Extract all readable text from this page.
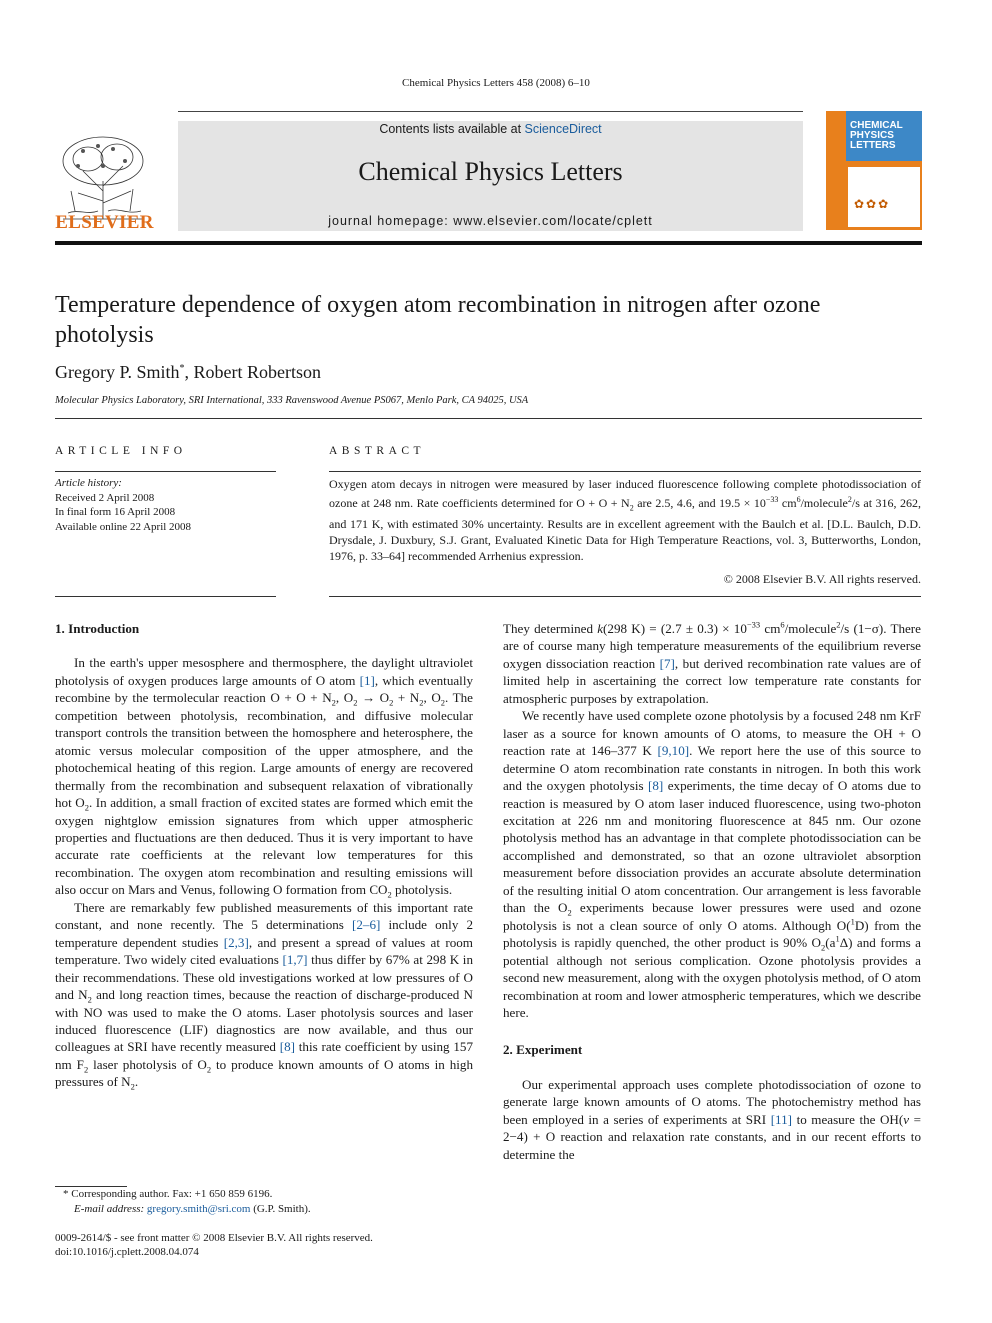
Chemical Physics Letters 458 (2008) 6–10
ELSEVIER
Contents lists available at ScienceDirect
Chemical Physics Letters
journal homepage: www.elsevier.com/locate/cplett
CHEMICAL
PHYSICS
LETTERS
✿✿✿
Temperature dependence of oxygen atom recombination in nitrogen after ozone photolysis
Gregory P. Smith*, Robert Robertson
Molecular Physics Laboratory, SRI International, 333 Ravenswood Avenue PS067, Menlo Park, CA 94025, USA
ARTICLE INFO	ABSTRACT
Article history:
Received 2 April 2008
In final form 16 April 2008
Available online 22 April 2008
Oxygen atom decays in nitrogen were measured by laser induced fluorescence following complete photodissociation of ozone at 248 nm. Rate coefficients determined for $O + O + N_2$ are 2.5, 4.6, and $19.5 \times 10^{-33}$ $cm^6/molecule^2/s$ at 316, 262, and 171 K, with estimated 30% uncertainty. Results are in excellent agreement with the Baulch et al. [D.L. Baulch, D.D. Drysdale, J. Duxbury, S.J. Grant, Evaluated Kinetic Data for High Temperature Reactions, vol. 3, Butterworths, London, 1976, p. 33–64] recommended Arrhenius expression.
© 2008 Elsevier B.V. All rights reserved.
1. Introduction

In the earth's upper mesosphere and thermosphere, the daylight ultraviolet photolysis of oxygen produces large amounts of O atom [1], which eventually recombine by the termolecular reaction $O + O + N_2$, $O_2 \to O_2 + N_2$, $O_2$. The competition between photolysis, recombination, and diffusive molecular transport controls the transition between the homosphere and heterosphere, the atomic versus molecular composition of the upper atmosphere, and the photochemical heating of this region. Large amounts of energy are recovered thermally from the recombination and subsequent relaxation of vibrationally hot $O_2$. In addition, a small fraction of excited states are formed which emit the oxygen nightglow emission signatures from which upper atmospheric properties and fluctuations are then deduced. Thus it is very important to have accurate rate coefficients at the relevant low temperatures for this recombination. The oxygen atom recombination and resulting emissions will also occur on Mars and Venus, following O formation from $CO_2$ photolysis.

There are remarkably few published measurements of this important rate constant, and none recently. The 5 determinations [2–6] include only 2 temperature dependent studies [2,3], and present a spread of values at room temperature. Two widely cited evaluations [1,7] thus differ by 67% at 298 K in their recommendations. These old investigations worked at low pressures of O and $N_2$ and long reaction times, because the reaction of discharge-produced N with NO was used to make the O atoms. Laser photolysis sources and laser induced fluorescence (LIF) diagnostics are now available, and thus our colleagues at SRI have recently measured [8] this rate coefficient by using 157 nm $F_2$ laser photolysis of $O_2$ to produce known amounts of O atoms in high pressures of $N_2$.

They determined k(298 $K) = (2.7 \pm 0.3) \times 10^{-33}$ $cm^6/molecule^2/s$ (1−σ). There are of course many high temperature measurements of the equilibrium reverse oxygen dissociation reaction [7], but derived recombination rate values are of limited help in ascertaining the correct low temperature rate constants for atmospheric purposes by extrapolation.

We recently have used complete ozone photolysis by a focused 248 nm KrF laser as a source for known amounts of O atoms, to measure the OH + O reaction rate at 146–377 K [9,10]. We report here the use of this source to determine O atom recombination rate constants in nitrogen. In both this work and the oxygen photolysis [8] experiments, the time decay of O atoms due to reaction is measured by O atom laser induced fluorescence, using two-photon excitation at 226 nm and monitoring fluorescence at 845 nm. Our ozone photolysis method has an advantage in that complete photodissociation can be accomplished and demonstrated, so that an ozone ultraviolet absorption measurement before dissociation provides an accurate absolute determination of the resulting initial O atom concentration. Our arrangement is less favorable than the $O_2$ experiments because lower pressures were used and ozone photolysis is not a clean source of only O atoms. Although O($^1$D) from the photolysis is rapidly quenched, the other product is 90% $O_2(a^1\Delta)$ and forms a potential although not serious complication. Ozone photolysis provides a second new measurement, along with the oxygen photolysis method, of O atom recombination at room and lower atmospheric temperatures, which we describe here.

2. Experiment

Our experimental approach uses complete photodissociation of ozone to generate large known amounts of O atoms. The photochemistry method has been employed in a series of experiments at SRI [11] to measure the OH(v = 2−4) + O reaction and relaxation rate constants, and in our recent efforts to determine the

* Corresponding author. Fax: +1 650 859 6196.
E-mail address: gregory.smith@sri.com (G.P. Smith).
0009-2614/$ - see front matter © 2008 Elsevier B.V. All rights reserved.
doi:10.1016/j.cplett.2008.04.074
